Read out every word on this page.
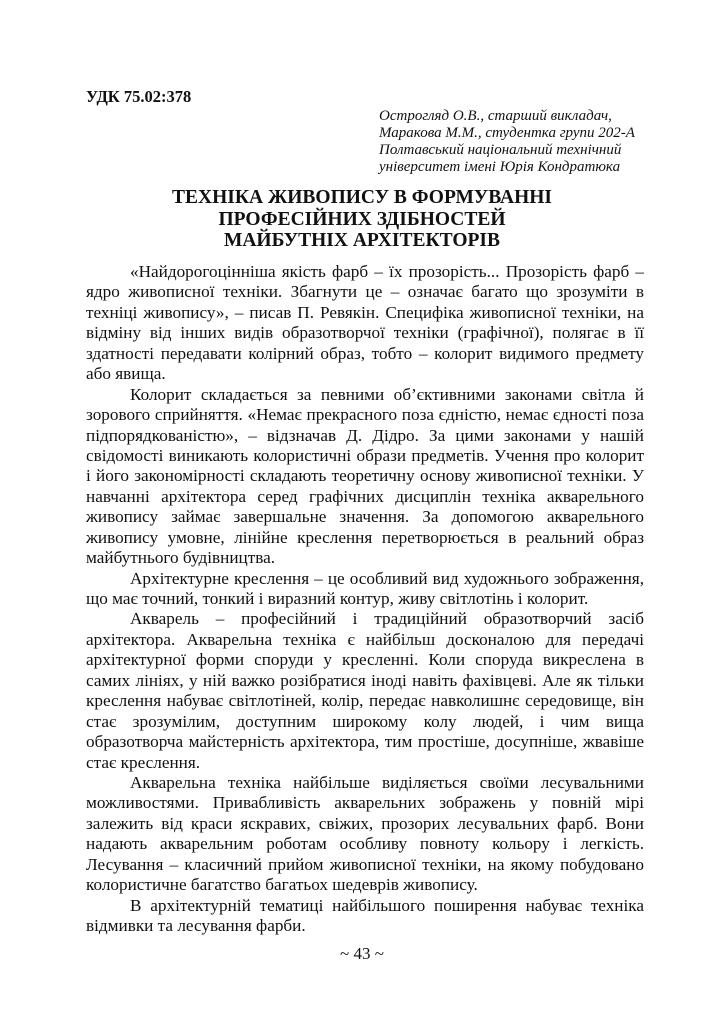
УДК 75.02:378
Острогляд О.В., старший викладач,
Маракова М.М., студентка групи 202-А
Полтавський національний технічний
університет імені Юрія Кондратюка
ТЕХНІКА ЖИВОПИСУ В ФОРМУВАННІ
ПРОФЕСІЙНИХ ЗДІБНОСТЕЙ
МАЙБУТНІХ АРХІТЕКТОРІВ
«Найдорогоцінніша якість фарб – їх прозорість... Прозорість фарб –
ядро живописної техніки. Збагнути це – означає багато що зрозуміти в
техніці живопису», – писав П. Ревякін. Специфіка живописної техніки, на
відміну від інших видів образотворчої техніки (графічної), полягає в її
здатності передавати колірний образ, тобто – колорит видимого предмету
або явища.
Колорит складається за певними об’єктивними законами світла й
зорового сприйняття. «Немає прекрасного поза єдністю, немає єдності поза
підпорядкованістю», – відзначав Д. Дідро. За цими законами у нашій
свідомості виникають колористичні образи предметів. Учення про колорит
і його закономірності складають теоретичну основу живописної техніки. У
навчанні архітектора серед графічних дисциплін техніка акварельного
живопису займає завершальне значення. За допомогою акварельного
живопису умовне, лінійне креслення перетворюється в реальний образ
майбутнього будівництва.
Архітектурне креслення – це особливий вид художнього зображення,
що має точний, тонкий і виразний контур, живу світлотінь і колорит.
Акварель – професійний і традиційний образотворчий засіб
архітектора. Акварельна техніка є найбільш досконалою для передачі
архітектурної форми споруди у кресленні. Коли споруда викреслена в
самих лініях, у ній важко розібратися іноді навіть фахівцеві. Але як тільки
креслення набуває світлотіней, колір, передає навколишнє середовище, він
стає зрозумілим, доступним широкому колу людей, і чим вища
образотворча майстерність архітектора, тим простіше, досупніше, жвавіше
стає креслення.
Акварельна техніка найбільше виділяється своїми лесувальними
можливостями. Привабливість акварельних зображень у повній мірі
залежить від краси яскравих, свіжих, прозорих лесувальних фарб. Вони
надають акварельним роботам особливу повноту кольору і легкість.
Лесування – класичний прийом живописної техніки, на якому побудовано
колористичне багатство багатьох шедеврів живопису.
В архітектурній тематиці найбільшого поширення набуває техніка
відмивки та лесування фарби.
~ 43 ~
